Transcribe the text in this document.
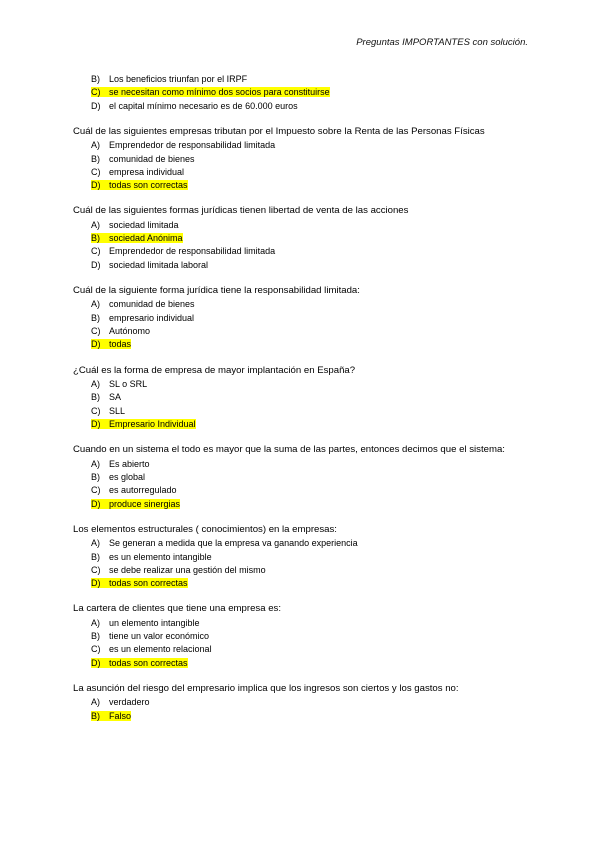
Preguntas IMPORTANTES con solución.
B) Los beneficios triunfan por el IRPF
C) se necesitan como mínimo dos socios para constituirse
D) el capital mínimo necesario es de 60.000 euros
Cuál de las siguientes empresas tributan por el Impuesto sobre la Renta de las Personas Físicas
A) Emprendedor de responsabilidad limitada
B) comunidad de bienes
C) empresa individual
D) todas son correctas
Cuál de las siguientes formas jurídicas tienen libertad de venta de las acciones
A) sociedad limitada
B) sociedad Anónima
C) Emprendedor de responsabilidad limitada
D) sociedad limitada laboral
Cuál de la siguiente forma jurídica tiene la responsabilidad limitada:
A) comunidad de bienes
B) empresario individual
C) Autónomo
D) todas
¿Cuál es la forma de empresa de mayor implantación en España?
A) SL o SRL
B) SA
C) SLL
D) Empresario Individual
Cuando en un sistema el todo es mayor que la suma de las partes, entonces decimos que el sistema:
A) Es abierto
B) es global
C) es autorregulado
D) produce sinergias
Los elementos estructurales ( conocimientos) en la empresas:
A) Se generan a medida que la empresa va ganando experiencia
B) es un elemento intangible
C) se debe realizar una gestión del mismo
D) todas son correctas
La cartera de clientes que tiene una empresa es:
A) un elemento intangible
B) tiene un valor económico
C) es un elemento relacional
D) todas son correctas
La asunción del riesgo del empresario implica que los ingresos son ciertos y los gastos no:
A) verdadero
B) Falso
